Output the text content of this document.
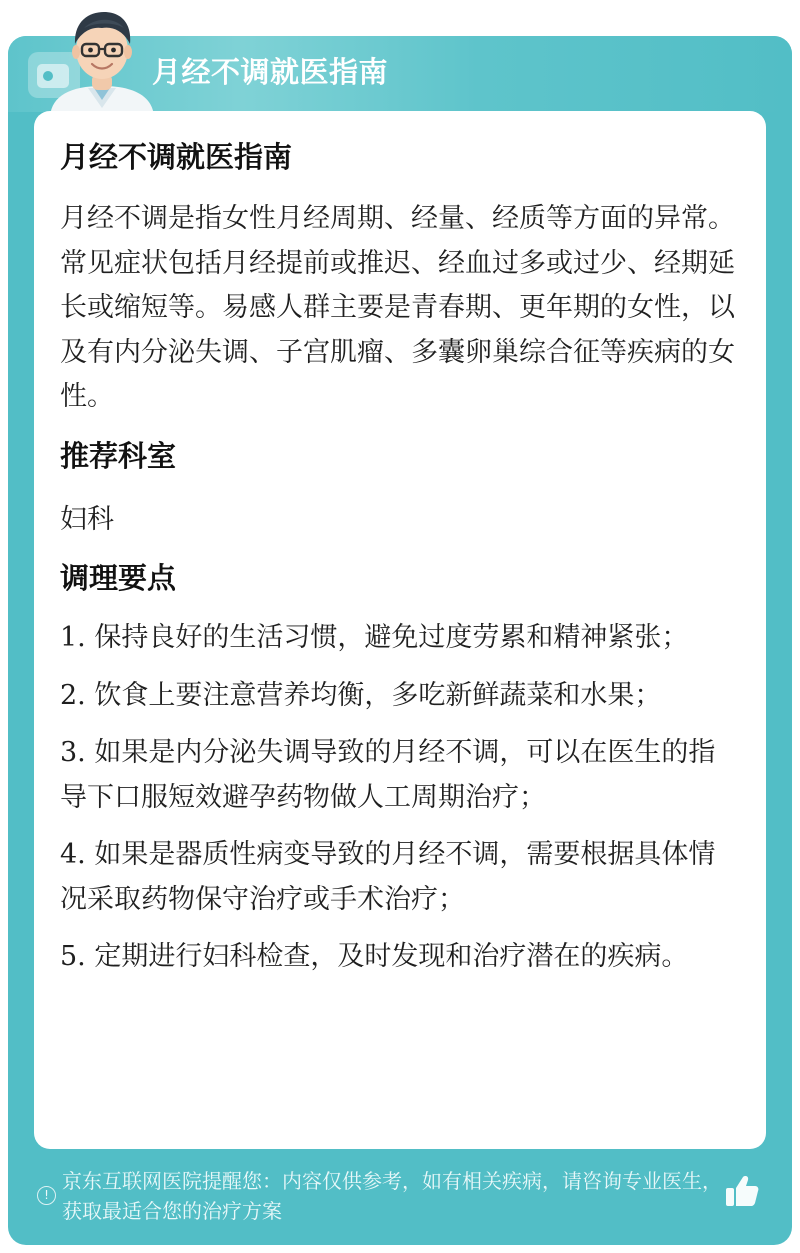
月经不调就医指南
月经不调就医指南
月经不调是指女性月经周期、经量、经质等方面的异常。常见症状包括月经提前或推迟、经血过多或过少、经期延长或缩短等。易感人群主要是青春期、更年期的女性，以及有内分泌失调、子宫肌瘤、多囊卵巢综合征等疾病的女性。
推荐科室
妇科
调理要点
1. 保持良好的生活习惯，避免过度劳累和精神紧张；
2. 饮食上要注意营养均衡，多吃新鲜蔬菜和水果；
3. 如果是内分泌失调导致的月经不调，可以在医生的指导下口服短效避孕药物做人工周期治疗；
4. 如果是器质性病变导致的月经不调，需要根据具体情况采取药物保守治疗或手术治疗；
5. 定期进行妇科检查，及时发现和治疗潜在的疾病。
!
京东互联网医院提醒您：内容仅供参考，如有相关疾病，请咨询专业医生，获取最适合您的治疗方案
